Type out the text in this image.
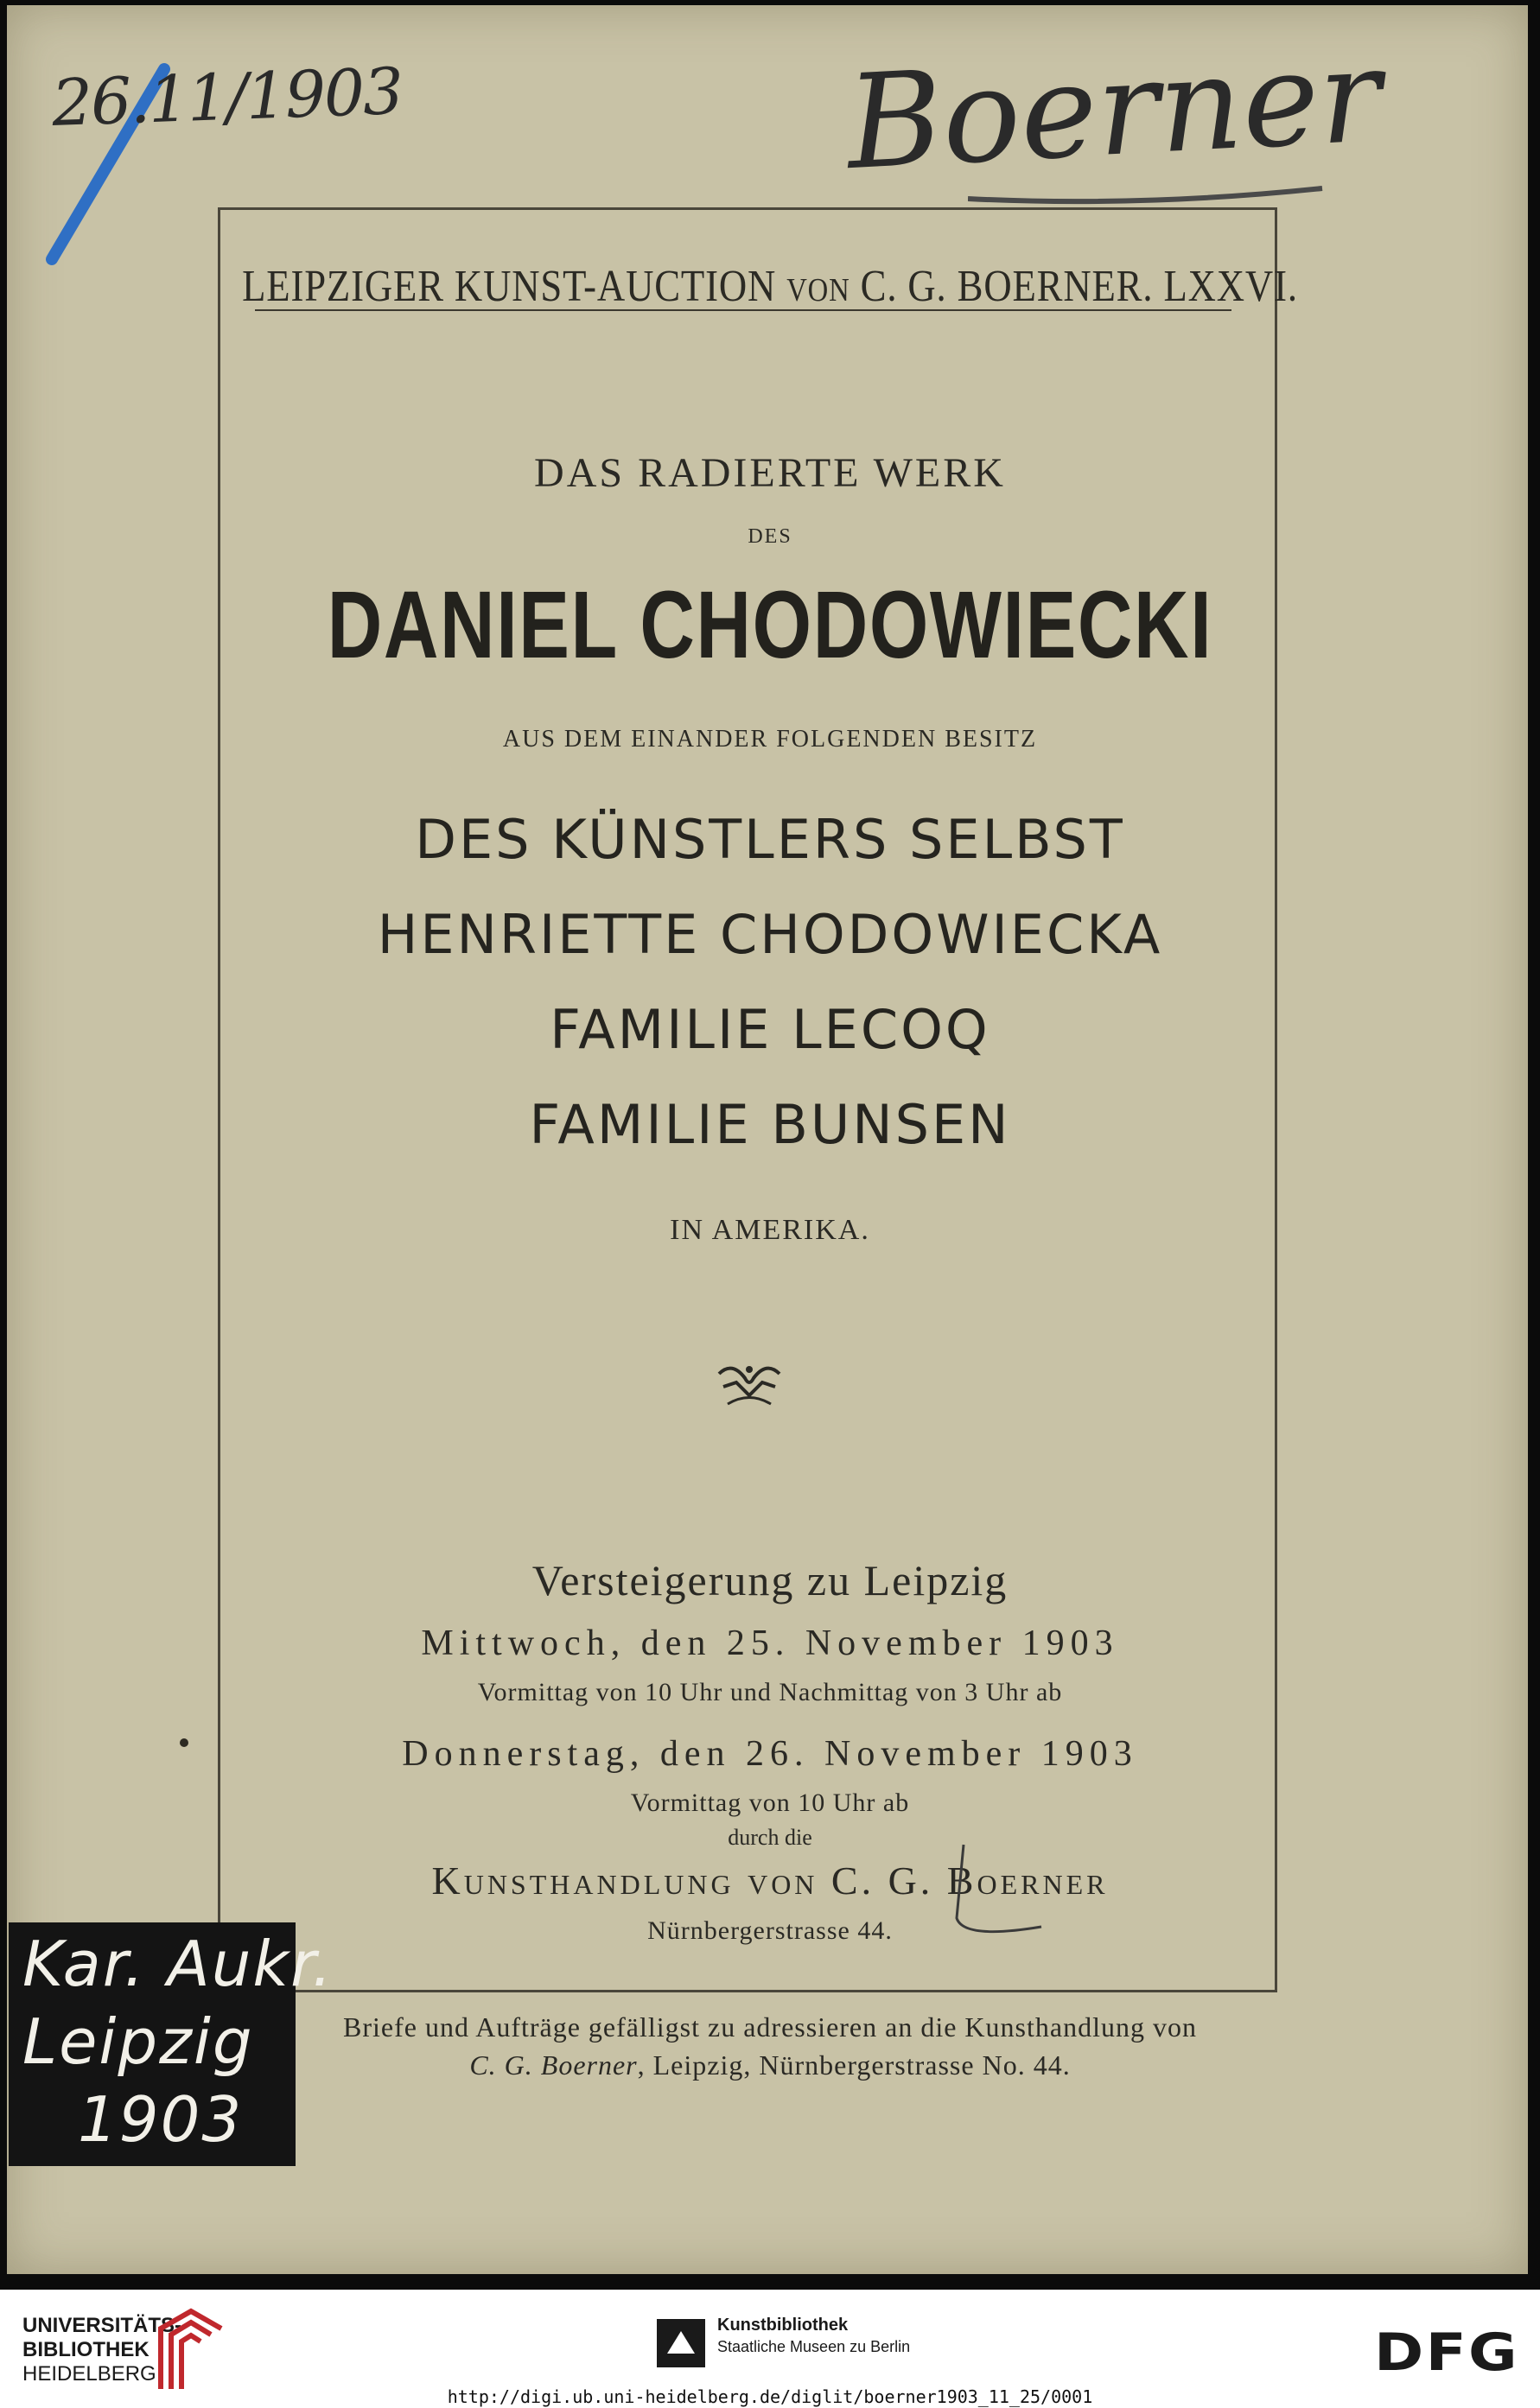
26.11/1903	Boerner
LEIPZIGER KUNST-AUCTION VON C. G. BOERNER. LXXVI.
DAS RADIERTE WERK
DES
DANIEL CHODOWIECKI
AUS DEM EINANDER FOLGENDEN BESITZ
DES KÜNSTLERS SELBST
HENRIETTE CHODOWIECKA
FAMILIE LECOQ
FAMILIE BUNSEN
IN AMERIKA.
Versteigerung zu Leipzig
Mittwoch, den 25. November 1903
Vormittag von 10 Uhr und Nachmittag von 3 Uhr ab
Donnerstag, den 26. November 1903
Vormittag von 10 Uhr ab
durch die
Kunsthandlung von C. G. Boerner
Nürnbergerstrasse 44.
Briefe und Aufträge gefälligst zu adressieren an die Kunsthandlung von
C. G. Boerner, Leipzig, Nürnbergerstrasse No. 44.
Kar. Aukr.
Leipzig
1903
UNIVERSITÄTS-
BIBLIOTHEK
HEIDELBERG
Kunstbibliothek
Staatliche Museen zu Berlin	DFG
http://digi.ub.uni-heidelberg.de/diglit/boerner1903_11_25/0001
